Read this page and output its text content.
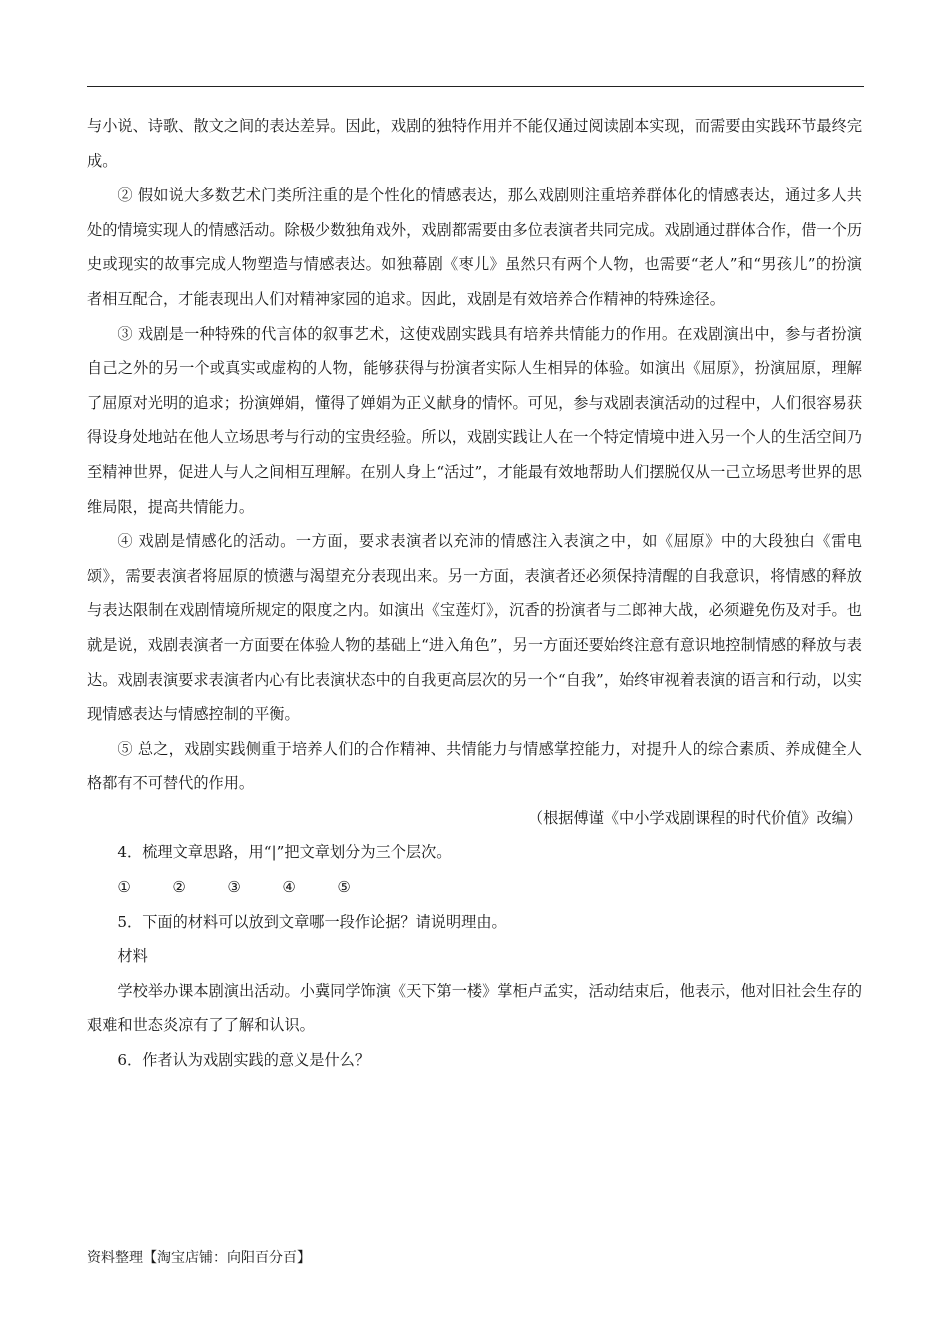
与小说、诗歌、散文之间的表达差异。因此，戏剧的独特作用并不能仅通过阅读剧本实现，而需要由实践环节最终完成。

② 假如说大多数艺术门类所注重的是个性化的情感表达，那么戏剧则注重培养群体化的情感表达，通过多人共处的情境实现人的情感活动。除极少数独角戏外，戏剧都需要由多位表演者共同完成。戏剧通过群体合作，借一个历史或现实的故事完成人物塑造与情感表达。如独幕剧《枣儿》虽然只有两个人物，也需要“老人”和“男孩儿”的扮演者相互配合，才能表现出人们对精神家园的追求。因此，戏剧是有效培养合作精神的特殊途径。

③ 戏剧是一种特殊的代言体的叙事艺术，这使戏剧实践具有培养共情能力的作用。在戏剧演出中，参与者扮演自己之外的另一个或真实或虚构的人物，能够获得与扮演者实际人生相异的体验。如演出《屈原》，扮演屈原，理解了屈原对光明的追求；扮演婵娟，懂得了婵娟为正义献身的情怀。可见，参与戏剧表演活动的过程中，人们很容易获得设身处地站在他人立场思考与行动的宝贵经验。所以，戏剧实践让人在一个特定情境中进入另一个人的生活空间乃至精神世界，促进人与人之间相互理解。在别人身上“活过”，才能最有效地帮助人们摆脱仅从一己立场思考世界的思维局限，提高共情能力。

④ 戏剧是情感化的活动。一方面，要求表演者以充沛的情感注入表演之中，如《屈原》中的大段独白《雷电颂》，需要表演者将屈原的愤懑与渴望充分表现出来。另一方面，表演者还必须保持清醒的自我意识，将情感的释放与表达限制在戏剧情境所规定的限度之内。如演出《宝莲灯》，沉香的扮演者与二郎神大战，必须避免伤及对手。也就是说，戏剧表演者一方面要在体验人物的基础上“进入角色”，另一方面还要始终注意有意识地控制情感的释放与表达。戏剧表演要求表演者内心有比表演状态中的自我更高层次的另一个“自我”，始终审视着表演的语言和行动，以实现情感表达与情感控制的平衡。

⑤ 总之，戏剧实践侧重于培养人们的合作精神、共情能力与情感掌控能力，对提升人的综合素质、养成健全人格都有不可替代的作用。

（根据傅谨《中小学戏剧课程的时代价值》改编）

4．梳理文章思路，用“|”把文章划分为三个层次。

①	②	③	④	⑤

5．下面的材料可以放到文章哪一段作论据？请说明理由。

材料

学校举办课本剧演出活动。小冀同学饰演《天下第一楼》掌柜卢孟实，活动结束后，他表示，他对旧社会生存的艰难和世态炎凉有了了解和认识。

6．作者认为戏剧实践的意义是什么？

资料整理【淘宝店铺：向阳百分百】
